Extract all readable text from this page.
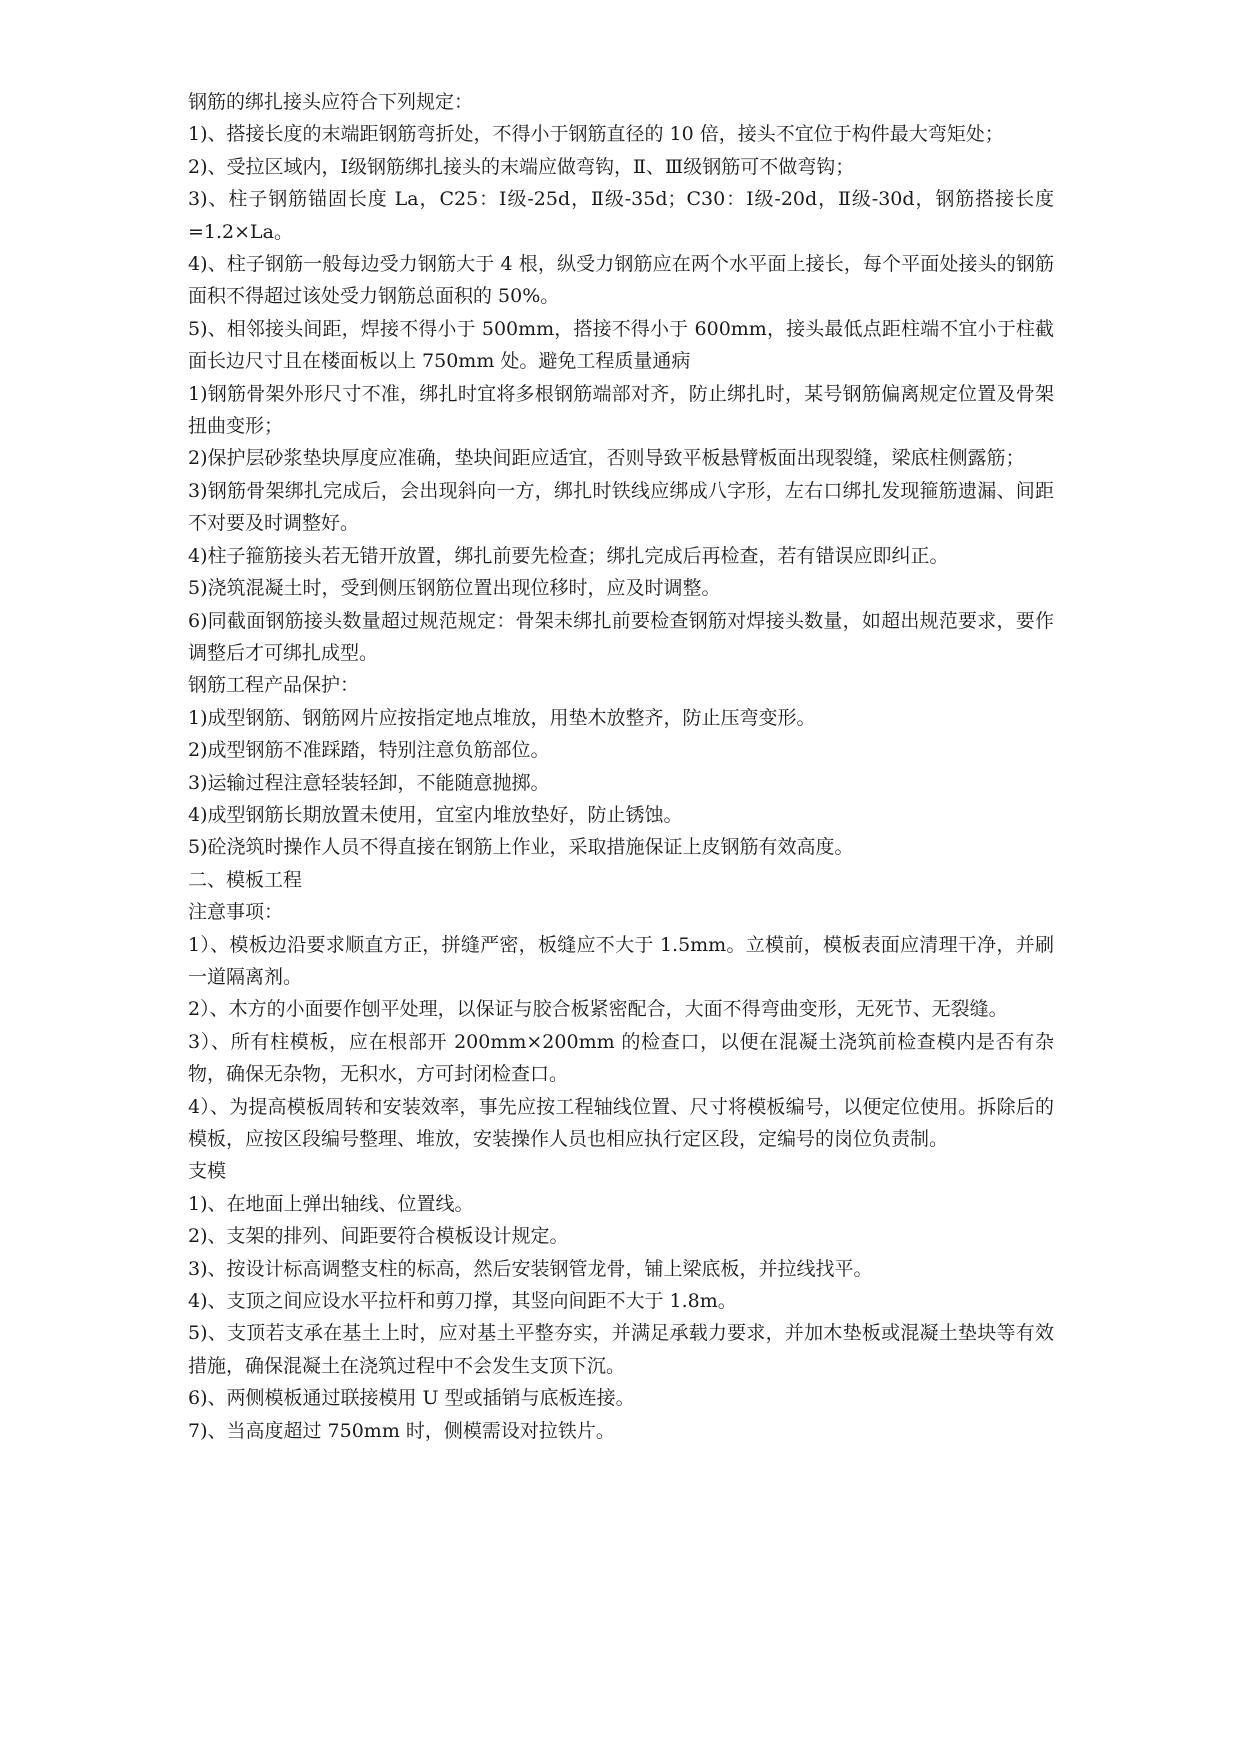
钢筋的绑扎接头应符合下列规定：

1)、搭接长度的末端距钢筋弯折处，不得小于钢筋直径的 10 倍，接头不宜位于构件最大弯矩处；

2)、受拉区域内，Ⅰ级钢筋绑扎接头的末端应做弯钩，Ⅱ、Ⅲ级钢筋可不做弯钩；

3)、柱子钢筋锚固长度 La，C25：Ⅰ级-25d，Ⅱ级-35d；C30：Ⅰ级-20d，Ⅱ级-30d，钢筋搭接长度=1.2×La。

4)、柱子钢筋一般每边受力钢筋大于 4 根，纵受力钢筋应在两个水平面上接长，每个平面处接头的钢筋面积不得超过该处受力钢筋总面积的 50%。

5)、相邻接头间距，焊接不得小于 500mm，搭接不得小于 600mm，接头最低点距柱端不宜小于柱截面长边尺寸且在楼面板以上 750mm 处。避免工程质量通病

1)钢筋骨架外形尺寸不准，绑扎时宜将多根钢筋端部对齐，防止绑扎时，某号钢筋偏离规定位置及骨架扭曲变形；

2)保护层砂浆垫块厚度应准确，垫块间距应适宜，否则导致平板悬臂板面出现裂缝，梁底柱侧露筋；

3)钢筋骨架绑扎完成后，会出现斜向一方，绑扎时铁线应绑成八字形，左右口绑扎发现箍筋遗漏、间距不对要及时调整好。

4)柱子箍筋接头若无错开放置，绑扎前要先检查；绑扎完成后再检查，若有错误应即纠正。

5)浇筑混凝土时，受到侧压钢筋位置出现位移时，应及时调整。

6)同截面钢筋接头数量超过规范规定：骨架未绑扎前要检查钢筋对焊接头数量，如超出规范要求，要作调整后才可绑扎成型。

钢筋工程产品保护：

1)成型钢筋、钢筋网片应按指定地点堆放，用垫木放整齐，防止压弯变形。

2)成型钢筋不准踩踏，特别注意负筋部位。

3)运输过程注意轻装轻卸，不能随意抛掷。

4)成型钢筋长期放置未使用，宜室内堆放垫好，防止锈蚀。

5)砼浇筑时操作人员不得直接在钢筋上作业，采取措施保证上皮钢筋有效高度。

二、模板工程

注意事项：

1）、模板边沿要求顺直方正，拼缝严密，板缝应不大于 1.5mm。立模前，模板表面应清理干净，并刷一道隔离剂。

2）、木方的小面要作刨平处理，以保证与胶合板紧密配合，大面不得弯曲变形，无死节、无裂缝。

3）、所有柱模板，应在根部开 200mm×200mm 的检查口，以便在混凝土浇筑前检查模内是否有杂物，确保无杂物，无积水，方可封闭检查口。

4）、为提高模板周转和安装效率，事先应按工程轴线位置、尺寸将模板编号，以便定位使用。拆除后的模板，应按区段编号整理、堆放，安装操作人员也相应执行定区段，定编号的岗位负责制。

支模

1)、在地面上弹出轴线、位置线。

2)、支架的排列、间距要符合模板设计规定。

3)、按设计标高调整支柱的标高，然后安装钢管龙骨，铺上梁底板，并拉线找平。

4)、支顶之间应设水平拉杆和剪刀撑，其竖向间距不大于 1.8m。

5)、支顶若支承在基土上时，应对基土平整夯实，并满足承载力要求，并加木垫板或混凝土垫块等有效措施，确保混凝土在浇筑过程中不会发生支顶下沉。

6)、两侧模板通过联接模用 U 型或插销与底板连接。

7)、当高度超过 750mm 时，侧模需设对拉铁片。
